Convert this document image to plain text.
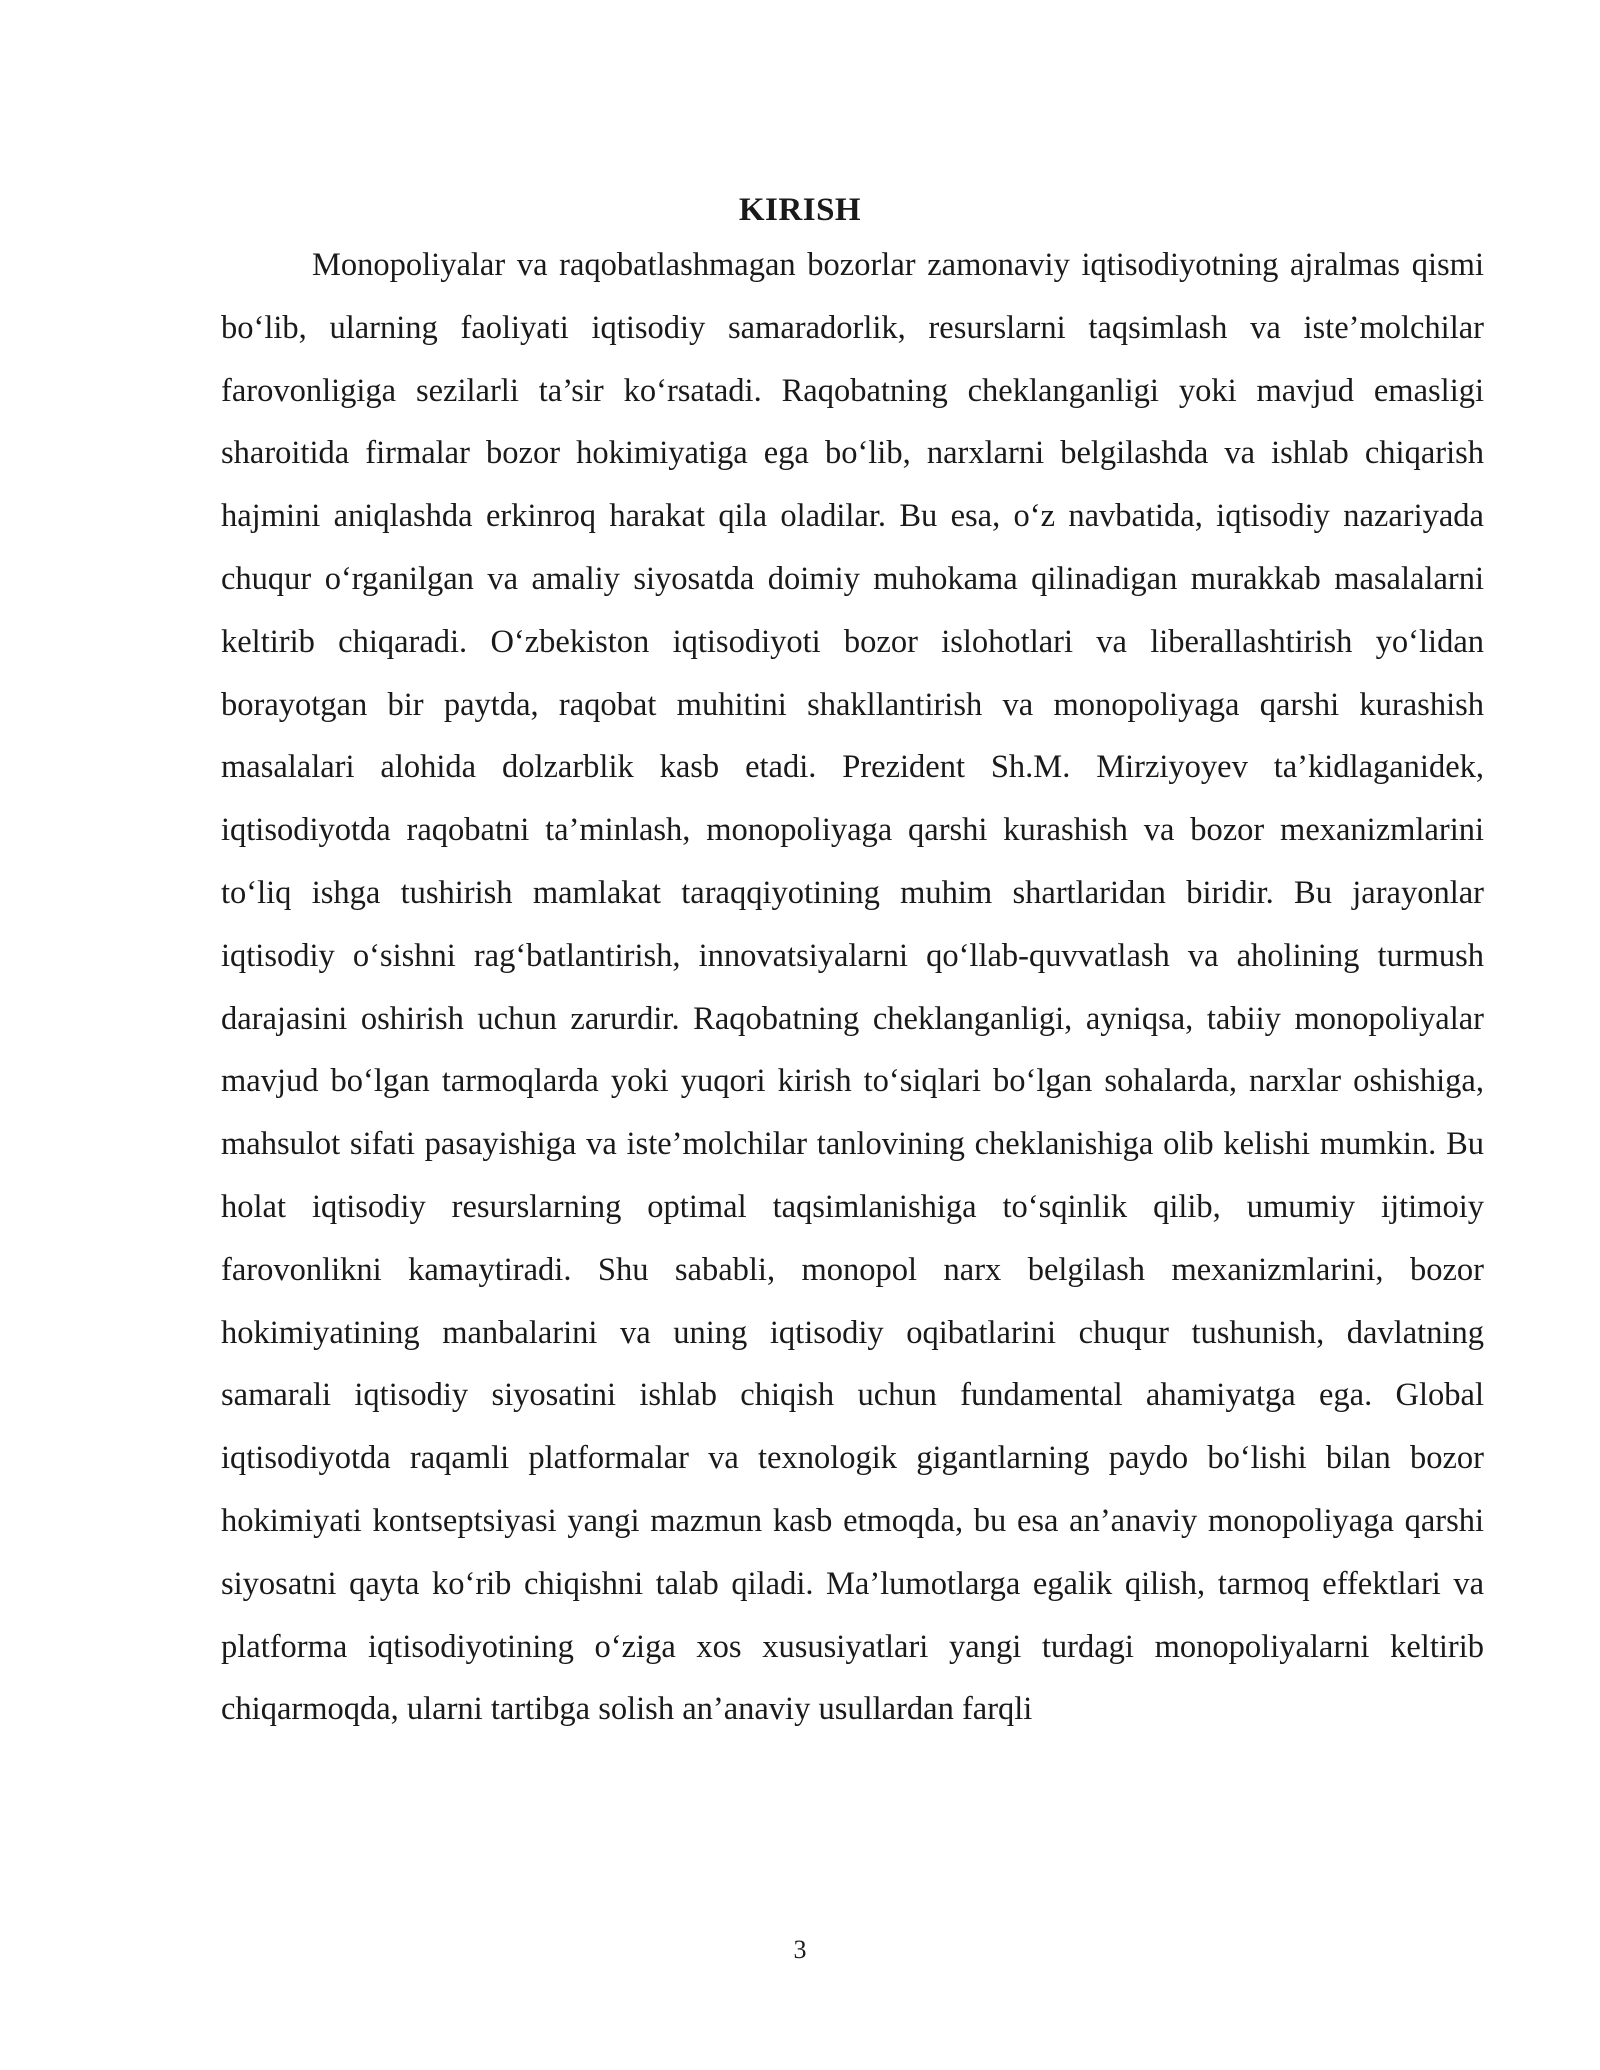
KIRISH

Monopoliyalar va raqobatlashmagan bozorlar zamonaviy iqtisodiyotning ajralmas qismi bo‘lib, ularning faoliyati iqtisodiy samaradorlik, resurslarni taqsimlash va iste’molchilar farovonligiga sezilarli ta’sir ko‘rsatadi. Raqobatning cheklanganligi yoki mavjud emasligi sharoitida firmalar bozor hokimiyatiga ega bo‘lib, narxlarni belgilashda va ishlab chiqarish hajmini aniqlashda erkinroq harakat qila oladilar. Bu esa, o‘z navbatida, iqtisodiy nazariyada chuqur o‘rganilgan va amaliy siyosatda doimiy muhokama qilinadigan murakkab masalalarni keltirib chiqaradi. O‘zbekiston iqtisodiyoti bozor islohotlari va liberallashtirish yo‘lidan borayotgan bir paytda, raqobat muhitini shakllantirish va monopoliyaga qarshi kurashish masalalari alohida dolzarblik kasb etadi. Prezident Sh.M. Mirziyoyev ta’kidlaganidek, iqtisodiyotda raqobatni ta’minlash, monopoliyaga qarshi kurashish va bozor mexanizmlarini to‘liq ishga tushirish mamlakat taraqqiyotining muhim shartlaridan biridir. Bu jarayonlar iqtisodiy o‘sishni rag‘batlantirish, innovatsiyalarni qo‘llab-quvvatlash va aholining turmush darajasini oshirish uchun zarurdir. Raqobatning cheklanganligi, ayniqsa, tabiiy monopoliyalar mavjud bo‘lgan tarmoqlarda yoki yuqori kirish to‘siqlari bo‘lgan sohalarda, narxlar oshishiga, mahsulot sifati pasayishiga va iste’molchilar tanlovining cheklanishiga olib kelishi mumkin. Bu holat iqtisodiy resurslarning optimal taqsimlanishiga to‘sqinlik qilib, umumiy ijtimoiy farovonlikni kamaytiradi. Shu sababli, monopol narx belgilash mexanizmlarini, bozor hokimiyatining manbalarini va uning iqtisodiy oqibatlarini chuqur tushunish, davlatning samarali iqtisodiy siyosatini ishlab chiqish uchun fundamental ahamiyatga ega. Global iqtisodiyotda raqamli platformalar va texnologik gigantlarning paydo bo‘lishi bilan bozor hokimiyati kontseptsiyasi yangi mazmun kasb etmoqda, bu esa an’anaviy monopoliyaga qarshi siyosatni qayta ko‘rib chiqishni talab qiladi. Ma’lumotlarga egalik qilish, tarmoq effektlari va platforma iqtisodiyotining o‘ziga xos xususiyatlari yangi turdagi monopoliyalarni keltirib chiqarmoqda, ularni tartibga solish an’anaviy usullardan farqli

3
